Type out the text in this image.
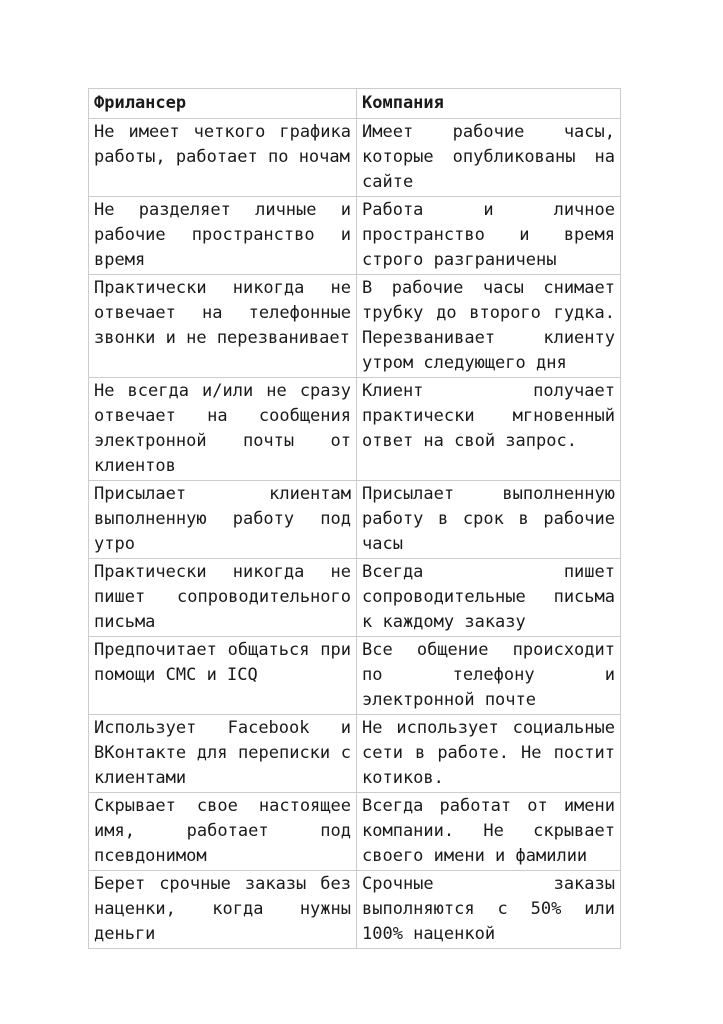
Фрилансер	Компания
Не имеет четкого графика работы, работает по ночам	Имеет рабочие часы, которые опубликованы на сайте
Не разделяет личные и рабочие пространство и время	Работа и личное пространство и время строго разграничены
Практически никогда не отвечает на телефонные звонки и не перезванивает	В рабочие часы снимает трубку до второго гудка. Перезванивает клиенту утром следующего дня
Не всегда и/или не сразу отвечает на сообщения электронной почты от клиентов	Клиент получает практически мгновенный ответ на свой запрос.
Присылает клиентам выполненную работу под утро	Присылает выполненную работу в срок в рабочие часы
Практически никогда не пишет сопроводительного письма	Всегда пишет сопроводительные письма к каждому заказу
Предпочитает общаться при помощи СМС и ICQ	Все общение происходит по телефону и электронной почте
Использует Facebook и ВКонтакте для переписки с клиентами	Не использует социальные сети в работе. Не постит котиков.
Скрывает свое настоящее имя, работает под псевдонимом	Всегда работат от имени компании. Не скрывает своего имени и фамилии
Берет срочные заказы без наценки, когда нужны деньги	Срочные заказы выполняются с 50% или 100% наценкой
